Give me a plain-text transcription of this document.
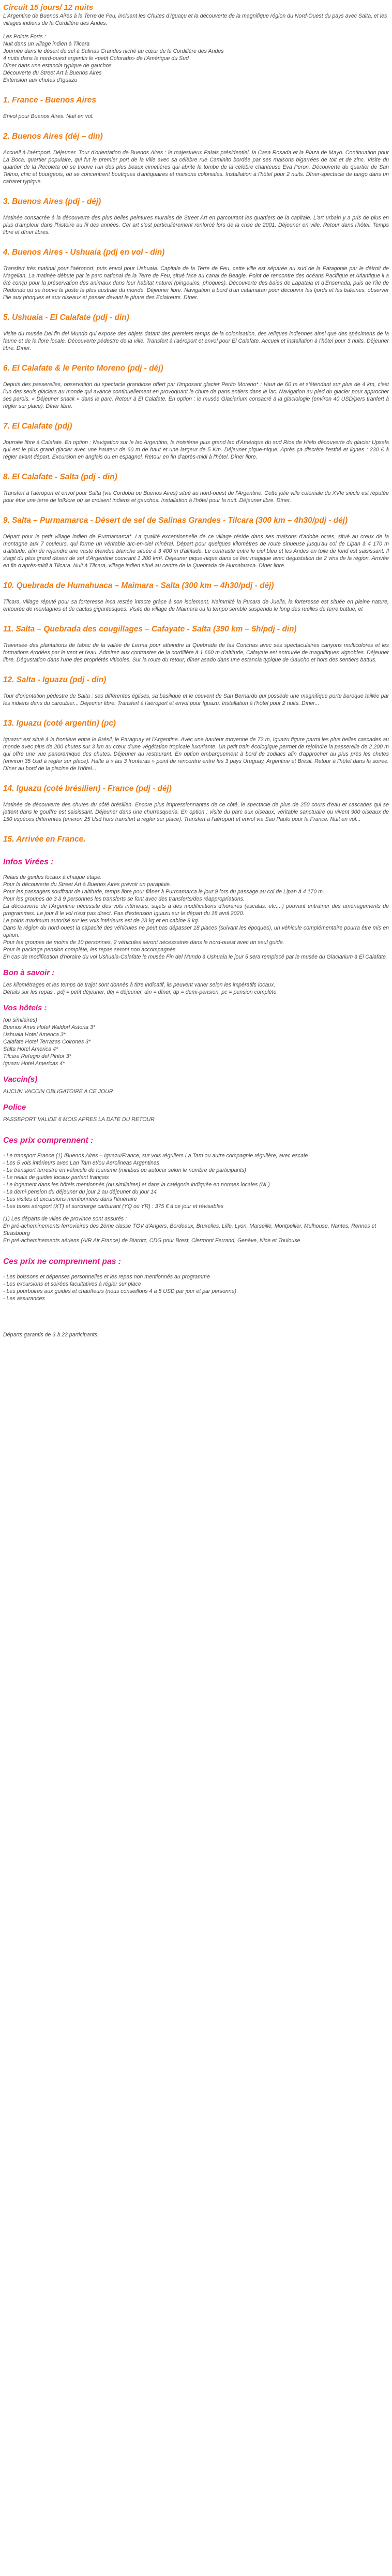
Circuit 15 jours/ 12 nuits

L'Argentine de Buenos Aires à la Terre de Feu, incluant les Chutes d'Iguaçu et la découverte de la magnifique région du Nord-Ouest du pays avec Salta, et les villages indiens de la Cordillère des Andes.

Les Points Forts :

Nuit dans un village indien à Tilcara
Journée dans le désert de sel à Salinas Grandes niché au cœur de la Cordillère des Andes
4 nuits dans le nord-ouest argentin le «petit Colorado» de l'Amérique du Sud
Dîner dans une estancia typique de gauchos
Découverte du Street Art à Buenos Aires
Extension aux chutes d'Iguazu
1. France - Buenos Aires

Envol pour Buenos Aires. Nuit en vol.

2. Buenos Aires (déj – din)

Accueil à l'aéroport. Déjeuner. Tour d'orientation de Buenos Aires : le majestueux Palais présidentiel, la Casa Rosada et la Plaza de Mayo. Continuation pour La Boca, quartier populaire, qui fut le premier port de la ville avec sa célèbre rue Caminito bordée par ses maisons bigarrées de toit et de zinc. Visite du quartier de la Recoleta où se trouve l'un des plus beaux cimetières qui abrite la tombe de la célèbre chanteuse Eva Peron. Découverte du quartier de San Telmo, chic et bourgeois, où se concentrent boutiques d'antiquaires et maisons coloniales. Installation à l'hôtel pour 2 nuits. Dîner-spectacle de tango dans un cabaret typique.

3. Buenos Aires (pdj - déj)

Matinée consacrée à la découverte des plus belles peintures murales de Street Art en parcourant les quartiers de la capitale. L'art urbain y a pris de plus en plus d'ampleur dans l'histoire au fil des années. Cet art s'est particulièrement renforcé lors de la crise de 2001. Déjeuner en ville. Retour dans l'hôtel. Temps libre et dîner libres.

4. Buenos Aires - Ushuaia (pdj en vol - din)

Transfert très matinal pour l'aéroport, puis envol pour Ushuaia. Capitale de la Terre de Feu, cette ville est séparée au sud de la Patagonie par le détroit de Magellan. La matinée débute par le parc national de la Terre de Feu, situé face au canal de Beagle. Point de rencontre des océans Pacifique et Atlantique il a été conçu pour la préservation des animaux dans leur habitat naturel (pingouins, phoques). Découverte des baies de Lapataia et d'Ensenada, puis de l'île de Redondo où se trouve la poste la plus australe du monde. Déjeuner libre. Navigation à bord d'un catamaran pour découvrir les fjords et les baleines, observer l'île aux phoques et aux oiseaux et passer devant le phare des Eclaireurs. Dîner.

5. Ushuaia - El Calafate (pdj - din)

Visite du musée Del fin del Mundo qui expose des objets datant des premiers temps de la colonisation, des reliques indiennes ainsi que des spécimens de la faune et de la flore locale. Découverte pédestre de la ville. Transfert à l'aéroport et envol pour El Calafate. Accueil et installation à l'hôtel pour 3 nuits. Déjeuner libre. Dîner.

6. El Calafate & le Perito Moreno (pdj - déj)

Depuis des passerelles, observation du spectacle grandiose offert par l'imposant glacier Perito Moreno* : Haut de 60 m et s'étendant sur plus de 4 km, c'est l'un des seuls glaciers au monde qui avance continuellement en provoquant le chute de pans entiers dans le lac. Navigation au pied du glacier pour approcher ses parois. « Déjeuner snack » dans le parc. Retour à El Calafate. En option : le musée Glaciarium consacré à la glaciologie (environ 40 USD/pers tranfert à régler sur place). Dîner libre.

7. El Calafate (pdj)

Journée libre à Calafate. En option : Navigation sur le lac Argentino, le troisième plus grand lac d'Amérique du sud Rios de Hielo découverte du glacier Upsala qui est le plus grand glacier avec une hauteur de 60 m de haut et une largeur de 5 Km. Déjeuner pique-nique. Après ça discrète l'esthé et lignes : 230 € à régler avant départ. Excursion en anglais ou en espagnol. Retour en fin d'après-midi à l'hôtel. Dîner libre.

8. El Calafate - Salta (pdj - din)

Transfert à l'aéroport et envol pour Salta (via Cordoba ou Buenos Aires) situé au nord-ouest de l'Argentine. Cette jolie ville coloniale du XVIe siècle est réputée pour être une terre de folklore où se croisent indiens et gauchos. Installation à l'hôtel pour la nuit. Déjeuner libre. Dîner.

9. Salta – Purmamarca - Désert de sel de Salinas Grandes - Tilcara (300 km – 4h30/pdj - déj)

Départ pour le petit village indien de Purmamarca*. La qualité exceptionnelle de ce village réside dans ses maisons d'adobe ocres, situé au creux de la montagne aux 7 couleurs, qui forme un véritable arc-en-ciel minéral. Départ pour quelques kilomètres de route sinueuse jusqu'au col de Lipan à 4 170 m d'altitude, afin de rejoindre une vaste étendue blanche située à 3 400 m d'altitude. Le contraste entre le ciel bleu et les Andes en toile de fond est saisissant. Il s'agit du plus grand désert de sel d'Argentine couvrant 1 200 km². Déjeuner pique-nique dans ce lieu magique avec dégustation de 2 vins de la région. Arrivée en fin d'après-midi à Tilcara. Nuit à Tilcara, village indien situé au centre de la Quebrada de Humahuaca. Dîner libre.

10. Quebrada de Humahuaca – Maimara - Salta (300 km – 4h30/pdj - déj)

Tilcara, village réputé pour sa forteresse inca restée intacte grâce à son isolement. Naimmité la Pucara de Juella, la forteresse est située en pleine nature, entourée de montagnes et de cactus gigantesques. Visite du village de Maimara où la tempo semble suspendu le long des ruelles de terre battue, et

11. Salta – Quebrada des cougillages – Cafayate - Salta (390 km – 5h/pdj - din)

Traversée des plantations de tabac de la vallée de Lerma pour atteindre la Quebrada de las Conchas avec ses spectaculaires canyons multicolores et les formations érodées par le vent et l'eau. Admirez aux contrastes de la cordillère à 1 660 m d'altitude, Cafayate est entourée de magnifiques vignobles. Déjeuner libre. Dégustation dans l'une des propriétés viticoles. Sur la route du retour, dîner asado dans une estancia typique de Gaucho et hors des sentiers battus.

12. Salta - Iguazu (pdj - din)

Tour d'orientation pédestre de Salta : ses différentes églises, sa basilique et le couvent de San Bernardo qui possède une magnifique porte baroque taillée par les indiens dans du caroubier... Déjeuner libre. Transfert à l'aéroport et envol pour Iguazu. Installation à l'hôtel pour 2 nuits. Dîner...

13. Iguazu (coté argentin) (pc)

Iguazu* est situé à la frontière entre le Brésil, le Paraguay et l'Argentine. Avec une hauteur moyenne de 72 m, Iguazu figure parmi les plus belles cascades au monde avec plus de 200 chutes sur 3 km au cœur d'une végétation tropicale luxuriante. Un petit train écologique permet de rejoindre la passerelle de 2 200 m qui offre une vue panoramique des chutes. Déjeuner au restaurant. En option embarquement à bord de zodiacs afin d'approcher au plus près les chutes (environ 35 Usd à régler sur place). Halte à « las 3 fronteras » point de rencontre entre les 3 pays Uruguay, Argentine et Brésil. Retour à l'hôtel dans la soirée. Dîner au bord de la piscine de l'hôtel...

14. Iguazu (coté brésilien) - France (pdj - déj)

Matinée de découverte des chutes du côté brésilien. Encore plus impressionnantes de ce côté, le spectacle de plus de 250 cours d'eau et cascades qui se jettent dans le gouffre est saisissant. Déjeuner dans une churrasqueria. En option : visite du parc aux oiseaux, véritable sanctuaire ou vivent 900 oiseaux de 150 espèces différentes (environ 25 Usd hors transfert à régler sur place). Transfert à l'aéroport et envol via Sao Paulo pour la France. Nuit en vol...

15. Arrivée en France.
Infos Virées :

Relais de guides locaux à chaque étape.

Pour la découverte du Street Art à Buenos Aires prévoir un parapluie.

Pour les passagers souffrant de l'altitude, temps libre pour flâner à Purmamarca le jour 9 lors du passage au col de Lipan à 4 170 m.

Pour les groupes de 3 à 9 personnes les transferts se font avec des transferts/des réappropriations.

La découverte de l'Argentine nécessite des vols intérieurs, sujets à des modifications d'horaires (escalas, etc....) pouvant entraîner des aménagements de programmes. Le jour 8 le vol n'est pas direct. Pas d'extension Iguazu sur le départ du 18 avril 2020.

Le poids maximum autorisé sur les vols intérieurs est de 23 kg et en cabine 8 kg.

Dans la région du nord-ouest la capacité des véhicules ne peut pas dépasser 18 places (suivant les époques), un véhicule complémentaire pourra être mis en option.

Pour les groupes de moins de 10 personnes, 2 véhicules seront nécessaires dans le nord-ouest avec un seul guide.

Pour le package pension complète, les repas seront non accompagnés.

En cas de modification d'horaire du vol Ushuaia-Calafate le musée Fin del Mundo à Ushuaia le jour 5 sera remplacé par le musée du Glaciarium à El Calafate.

Bon à savoir :

Les kilométrages et les temps de trajet sont donnés à titre indicatif, ils peuvent varier selon les impératifs locaux.

Détails sur les repas : pdj = petit déjeuner, déj = déjeuner, din = dîner, dp = demi-pension, pc = pension complète.

Vos hôtels :

(ou similaires)

Buenos Aires Hotel Waldorf Astoria 3*

Ushuaia Hotel America 3*

Calafate Hotel Terrazas Colrones 3*

Salta Hotel America 4*

Tilcara Refugio del Pintor 3*

Iguazu Hotel Americas 4*

Vaccin(s)

AUCUN VACCIN OBLIGATOIRE A CE JOUR

Police

PASSEPORT VALIDE 6 MOIS APRES LA DATE DU RETOUR

Ces prix comprennent :

- Le transport France (1) /Buenos Aires – Iguazu/France, sur vols réguliers La Tam ou autre compagnie régulière, avec escale

- Les 5 vols intérieurs avec Lan Tam et/ou Aerolineas Argentinas

- Le transport terrestre en véhicule de tourisme (minibus ou autocar selon le nombre de participants)

- Le relais de guides locaux parlant français

- Le logement dans les hôtels mentionnés (ou similaires) et dans la catégorie indiquée en normes locales (NL)

- La demi-pension du déjeuner du jour 2 au déjeuner du jour 14

- Les visites et excursions mentionnées dans l'itinéraire

- Les taxes aéroport (XT) et surcharge carburant (YQ ou YR) : 375 € à ce jour et révisables

(1) Les départs de villes de province sont assurés :

En pré-acheminements ferroviaires des 2ème classe TGV d'Angers, Bordeaux, Bruxelles, Lille, Lyon, Marseille, Montpellier, Mulhouse, Nantes, Rennes et Strasbourg

En pré-acheminements aériens (A/R Air France) de Biarritz, CDG pour Brest, Clermont Ferrand, Genève, Nice et Toulouse

Ces prix ne comprennent pas :

- Les boissons et dépenses personnelles et les repas non mentionnés au programme

- Les excursions et soirées facultatives à régler sur place

- Les pourboires aux guides et chauffeurs (nous conseillons 4 à 5 USD par jour et par personne)

- Les assurances

Départs garantis de 3 à 22 participants.
